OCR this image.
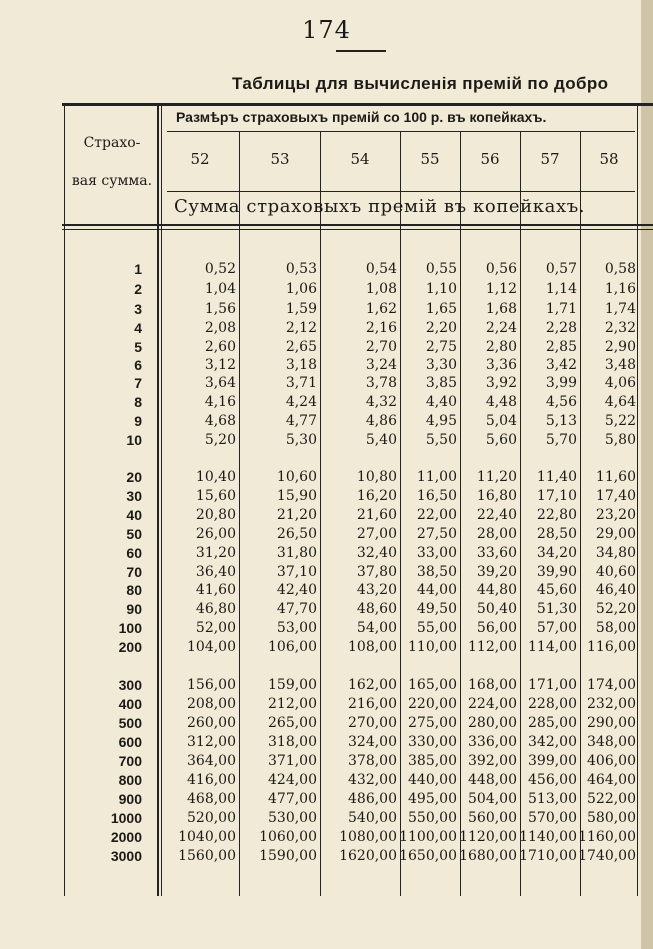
174
Таблицы для вычисленія премій по добро
Страхо-
вая сумма.
Размѣръ страховыхъ премій со 100 р. въ копейкахъ.
52	53	54	55	56	57	58
Сумма страховыхъ премій въ копейкахъ.
1	0,52	0,53	0,54 0,55 0,56 0,57 0,58
2	1,04	1,06	1,08 1,10 1,12 1,14 1,16
3	1,56	1,59	1,62 1,65 1,68 1,71 1,74
4	2,08	2,12	2,16 2,20 2,24 2,28 2,32
5	2,60	2,65	2,70 2,75 2,80 2,85 2,90
6	3,12	3,18	3,24 3,30 3,36 3,42 3,48
7	3,64	3,71	3,78 3,85 3,92 3,99 4,06
8	4,16	4,24	4,32 4,40 4,48 4,56 4,64
9	4,68	4,77	4,86 4,95 5,04 5,13 5,22
10	5,20	5,30	5,40 5,50 5,60 5,70 5,80
20	10,40	10,60	10,80 11,00 11,20 11,40 11,60
30	15,60	15,90	16,20 16,50 16,80 17,10 17,40
40	20,80	21,20	21,60 22,00 22,40 22,80 23,20
50	26,00	26,50	27,00 27,50 28,00 28,50 29,00
60	31,20	31,80	32,40 33,00 33,60 34,20 34,80
70	36,40	37,10	37,80 38,50 39,20 39,90 40,60
80	41,60	42,40	43,20 44,00 44,80 45,60 46,40
90	46,80	47,70	48,60 49,50 50,40 51,30 52,20
100	52,00	53,00	54,00 55,00 56,00 57,00 58,00
200	104,00 106,00 108,00 110,00 112,00 114,00 116,00
300	156,00 159,00 162,00 165,00 168,00 171,00 174,00
400	208,00 212,00 216,00 220,00 224,00 228,00 232,00
500	260,00 265,00 270,00 275,00 280,00 285,00 290,00
600	312,00 318,00 324,00 330,00 336,00 342,00 348,00
700	364,00 371,00 378,00 385,00 392,00 399,00 406,00
800	416,00 424,00 432,00 440,00 448,00 456,00 464,00
900	468,00 477,00 486,00 495,00 504,00 513,00 522,00
1000	520,00 530,00 540,00 550,00 560,00 570,00 580,00
2000	1040,00 1060,00 1080,00 1100,00 1120,00 1140,00 1160,00
3000	1560,00 1590,00 1620,00 1650,00 1680,00 1710,00 1740,00
